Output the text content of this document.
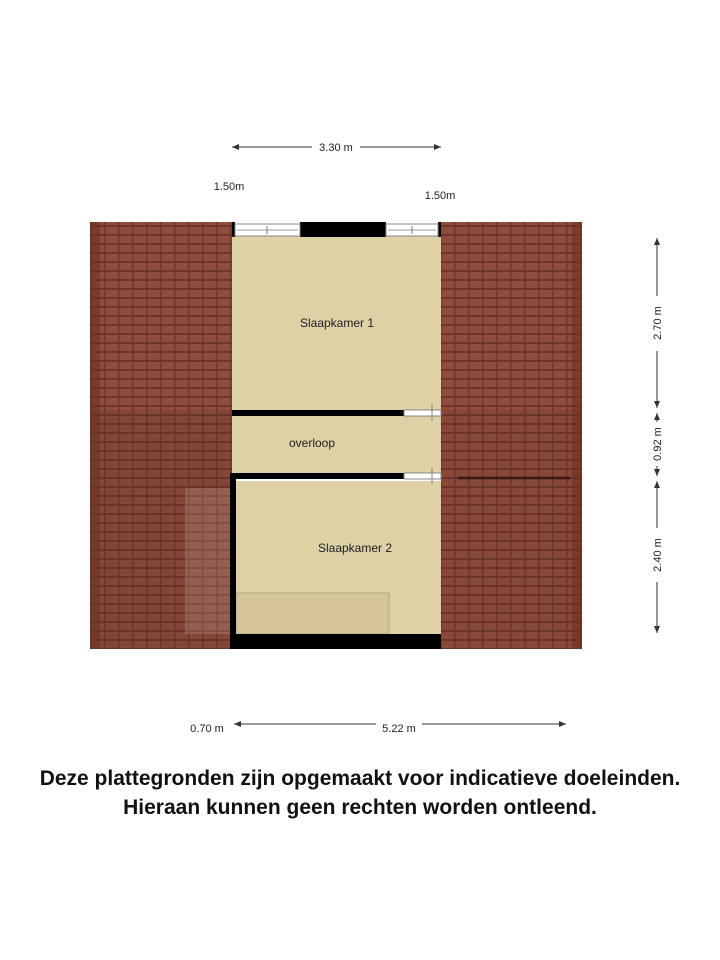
Slaapkamer 1
overloop
Slaapkamer 2
3.30 m
1.50m
1.50m
2.70 m
0.92 m
2.40 m
0.70 m	5.22 m
Deze plattegronden zijn opgemaakt voor indicatieve doeleinden.
Hieraan kunnen geen rechten worden ontleend.
